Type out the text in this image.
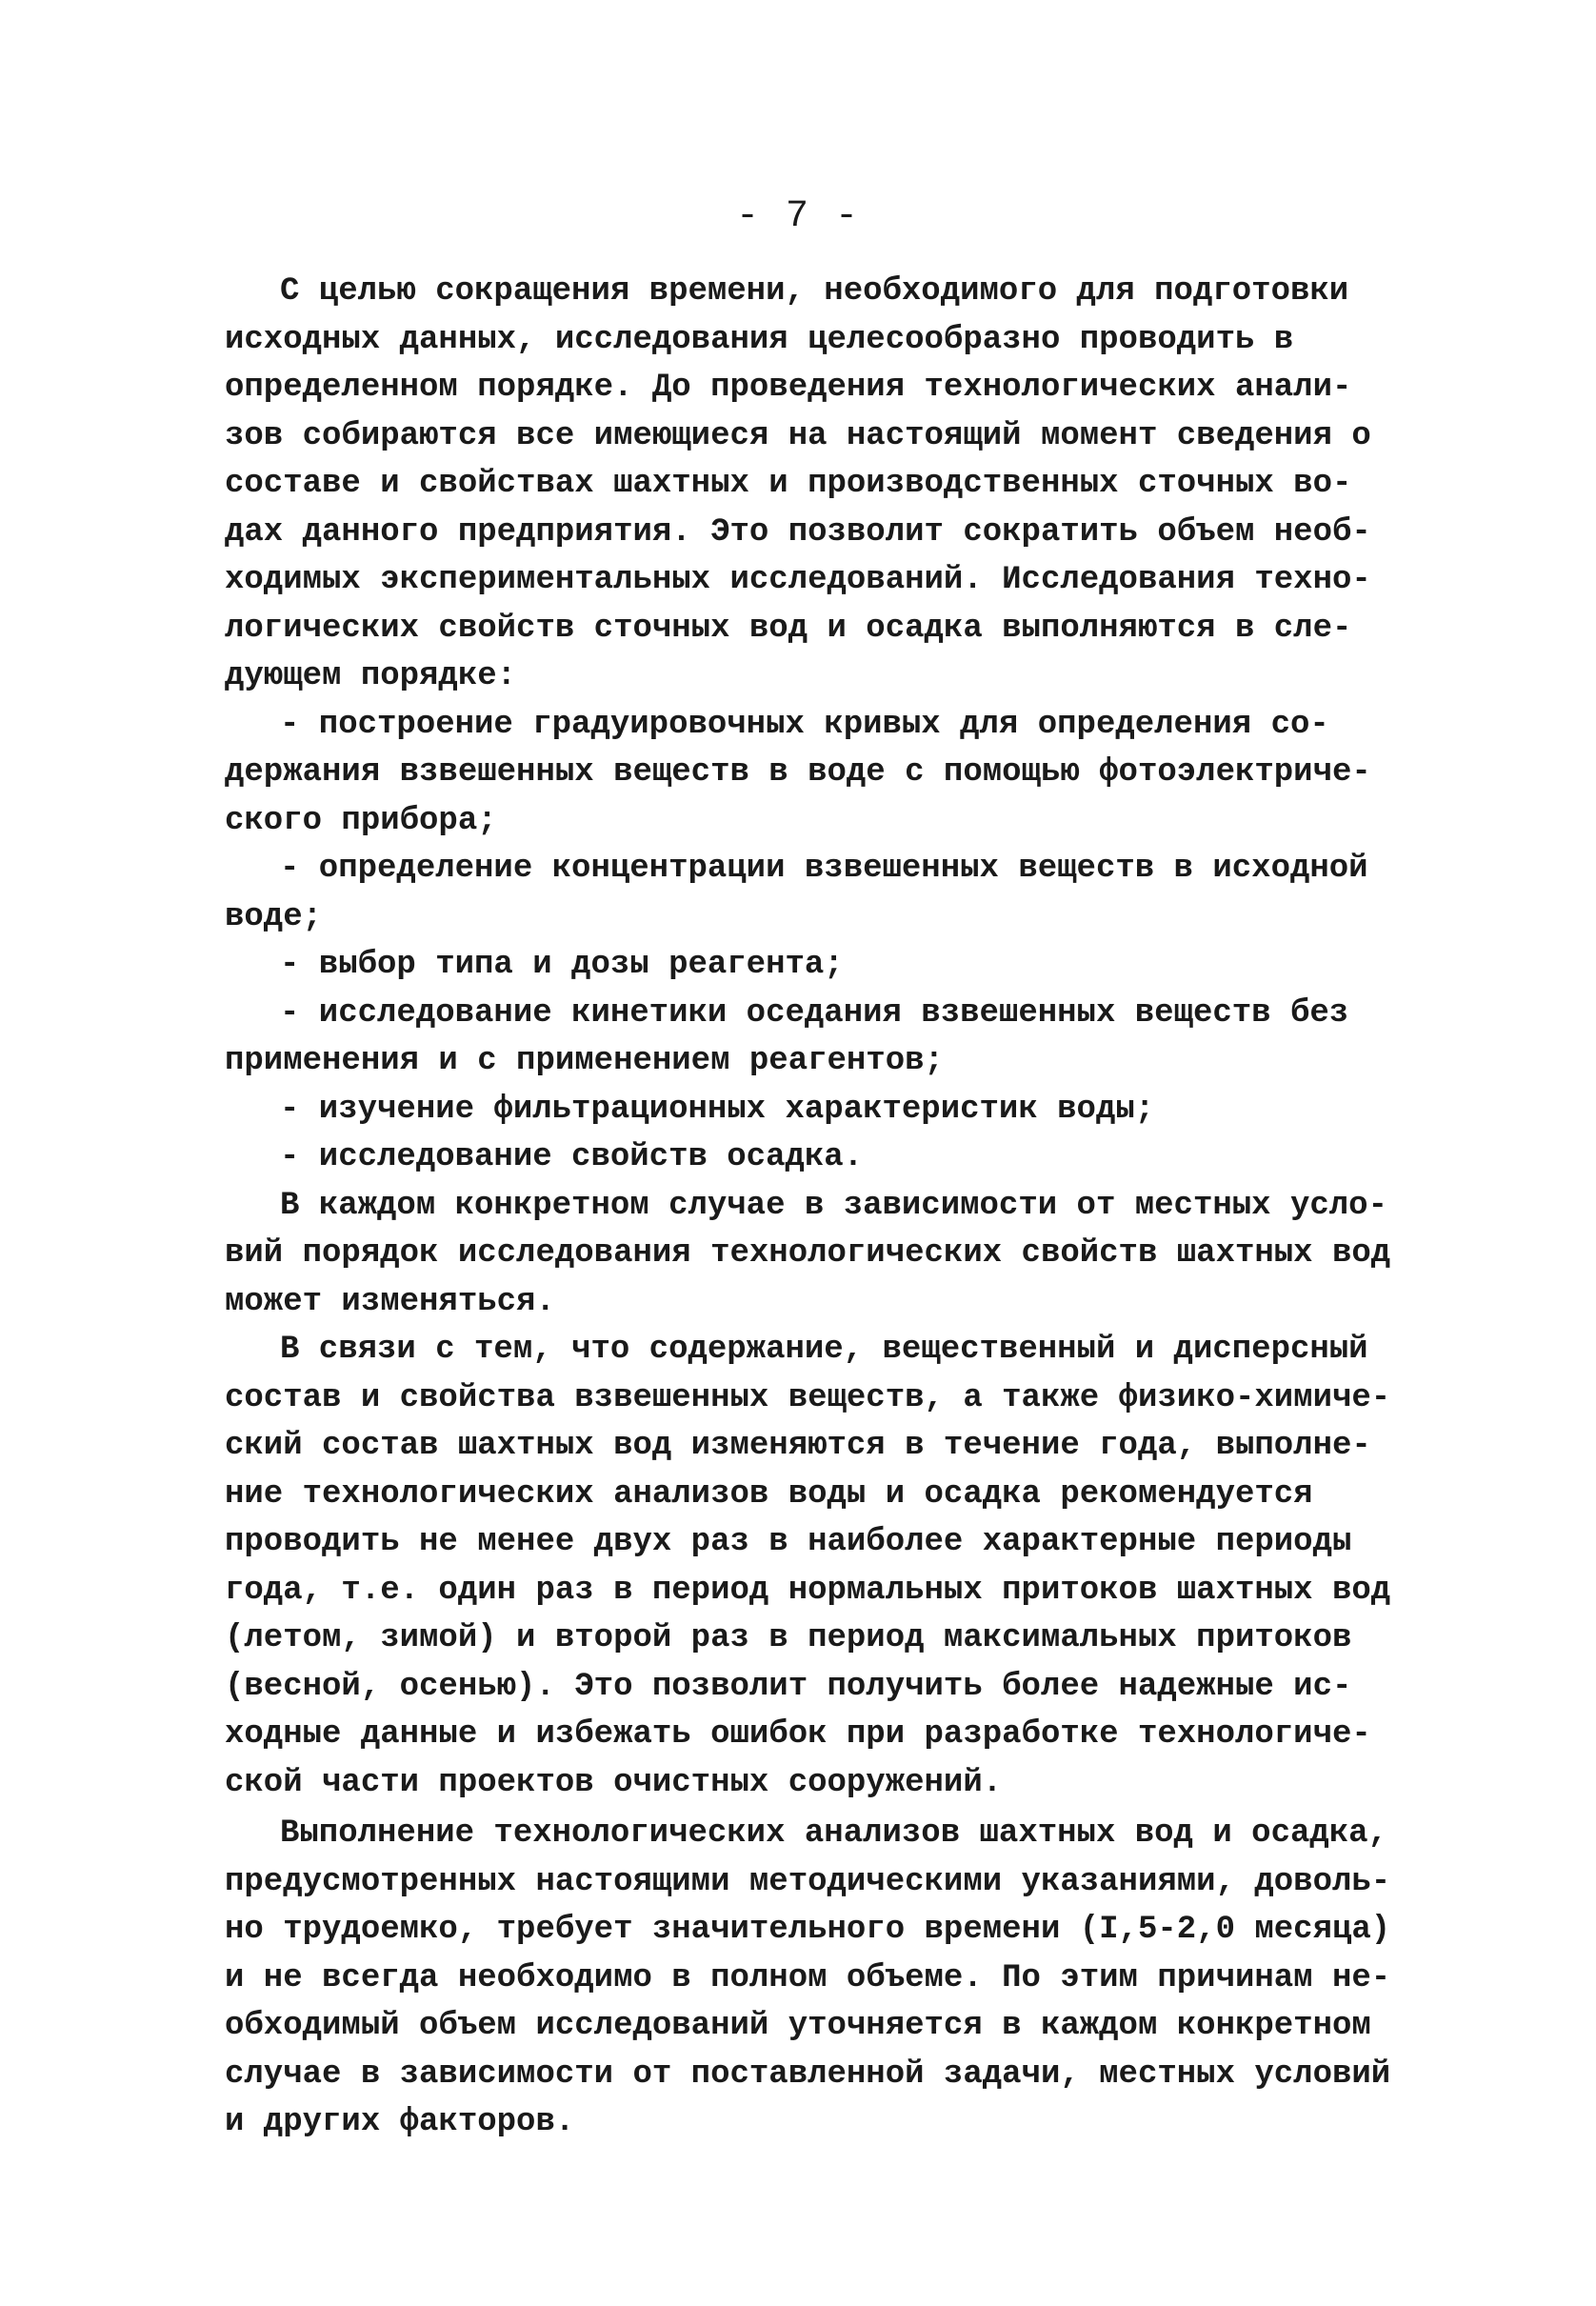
- 7 -
С целью сокращения времени, необходимого для подготовки
исходных данных, исследования целесообразно проводить в
определенном порядке. До проведения технологических анали-
зов собираются все имеющиеся на настоящий момент сведения о
составе и свойствах шахтных и производственных сточных во-
дах данного предприятия. Это позволит сократить объем необ-
ходимых экспериментальных исследований. Исследования техно-
логических свойств сточных вод и осадка выполняются в сле-
дующем порядке:
- построение градуировочных кривых для определения со-
держания взвешенных веществ в воде с помощью фотоэлектриче-
ского прибора;
- определение концентрации взвешенных веществ в исходной
воде;
- выбор типа и дозы реагента;
- исследование кинетики оседания взвешенных веществ без
применения и с применением реагентов;
- изучение фильтрационных характеристик воды;
- исследование свойств осадка.
В каждом конкретном случае в зависимости от местных усло-
вий порядок исследования технологических свойств шахтных вод
может изменяться.
В связи с тем, что содержание, вещественный и дисперсный
состав и свойства взвешенных веществ, а также физико-химиче-
ский состав шахтных вод изменяются в течение года, выполне-
ние технологических анализов воды и осадка рекомендуется
проводить не менее двух раз в наиболее характерные периоды
года, т.е. один раз в период нормальных притоков шахтных вод
(летом, зимой) и второй раз в период максимальных притоков
(весной, осенью). Это позволит получить более надежные ис-
ходные данные и избежать ошибок при разработке технологиче-
ской части проектов очистных сооружений.
Выполнение технологических анализов шахтных вод и осадка,
предусмотренных настоящими методическими указаниями, доволь-
но трудоемко, требует значительного времени (I,5-2,0 месяца)
и не всегда необходимо в полном объеме. По этим причинам не-
обходимый объем исследований уточняется в каждом конкретном
случае в зависимости от поставленной задачи, местных условий
и других факторов.
